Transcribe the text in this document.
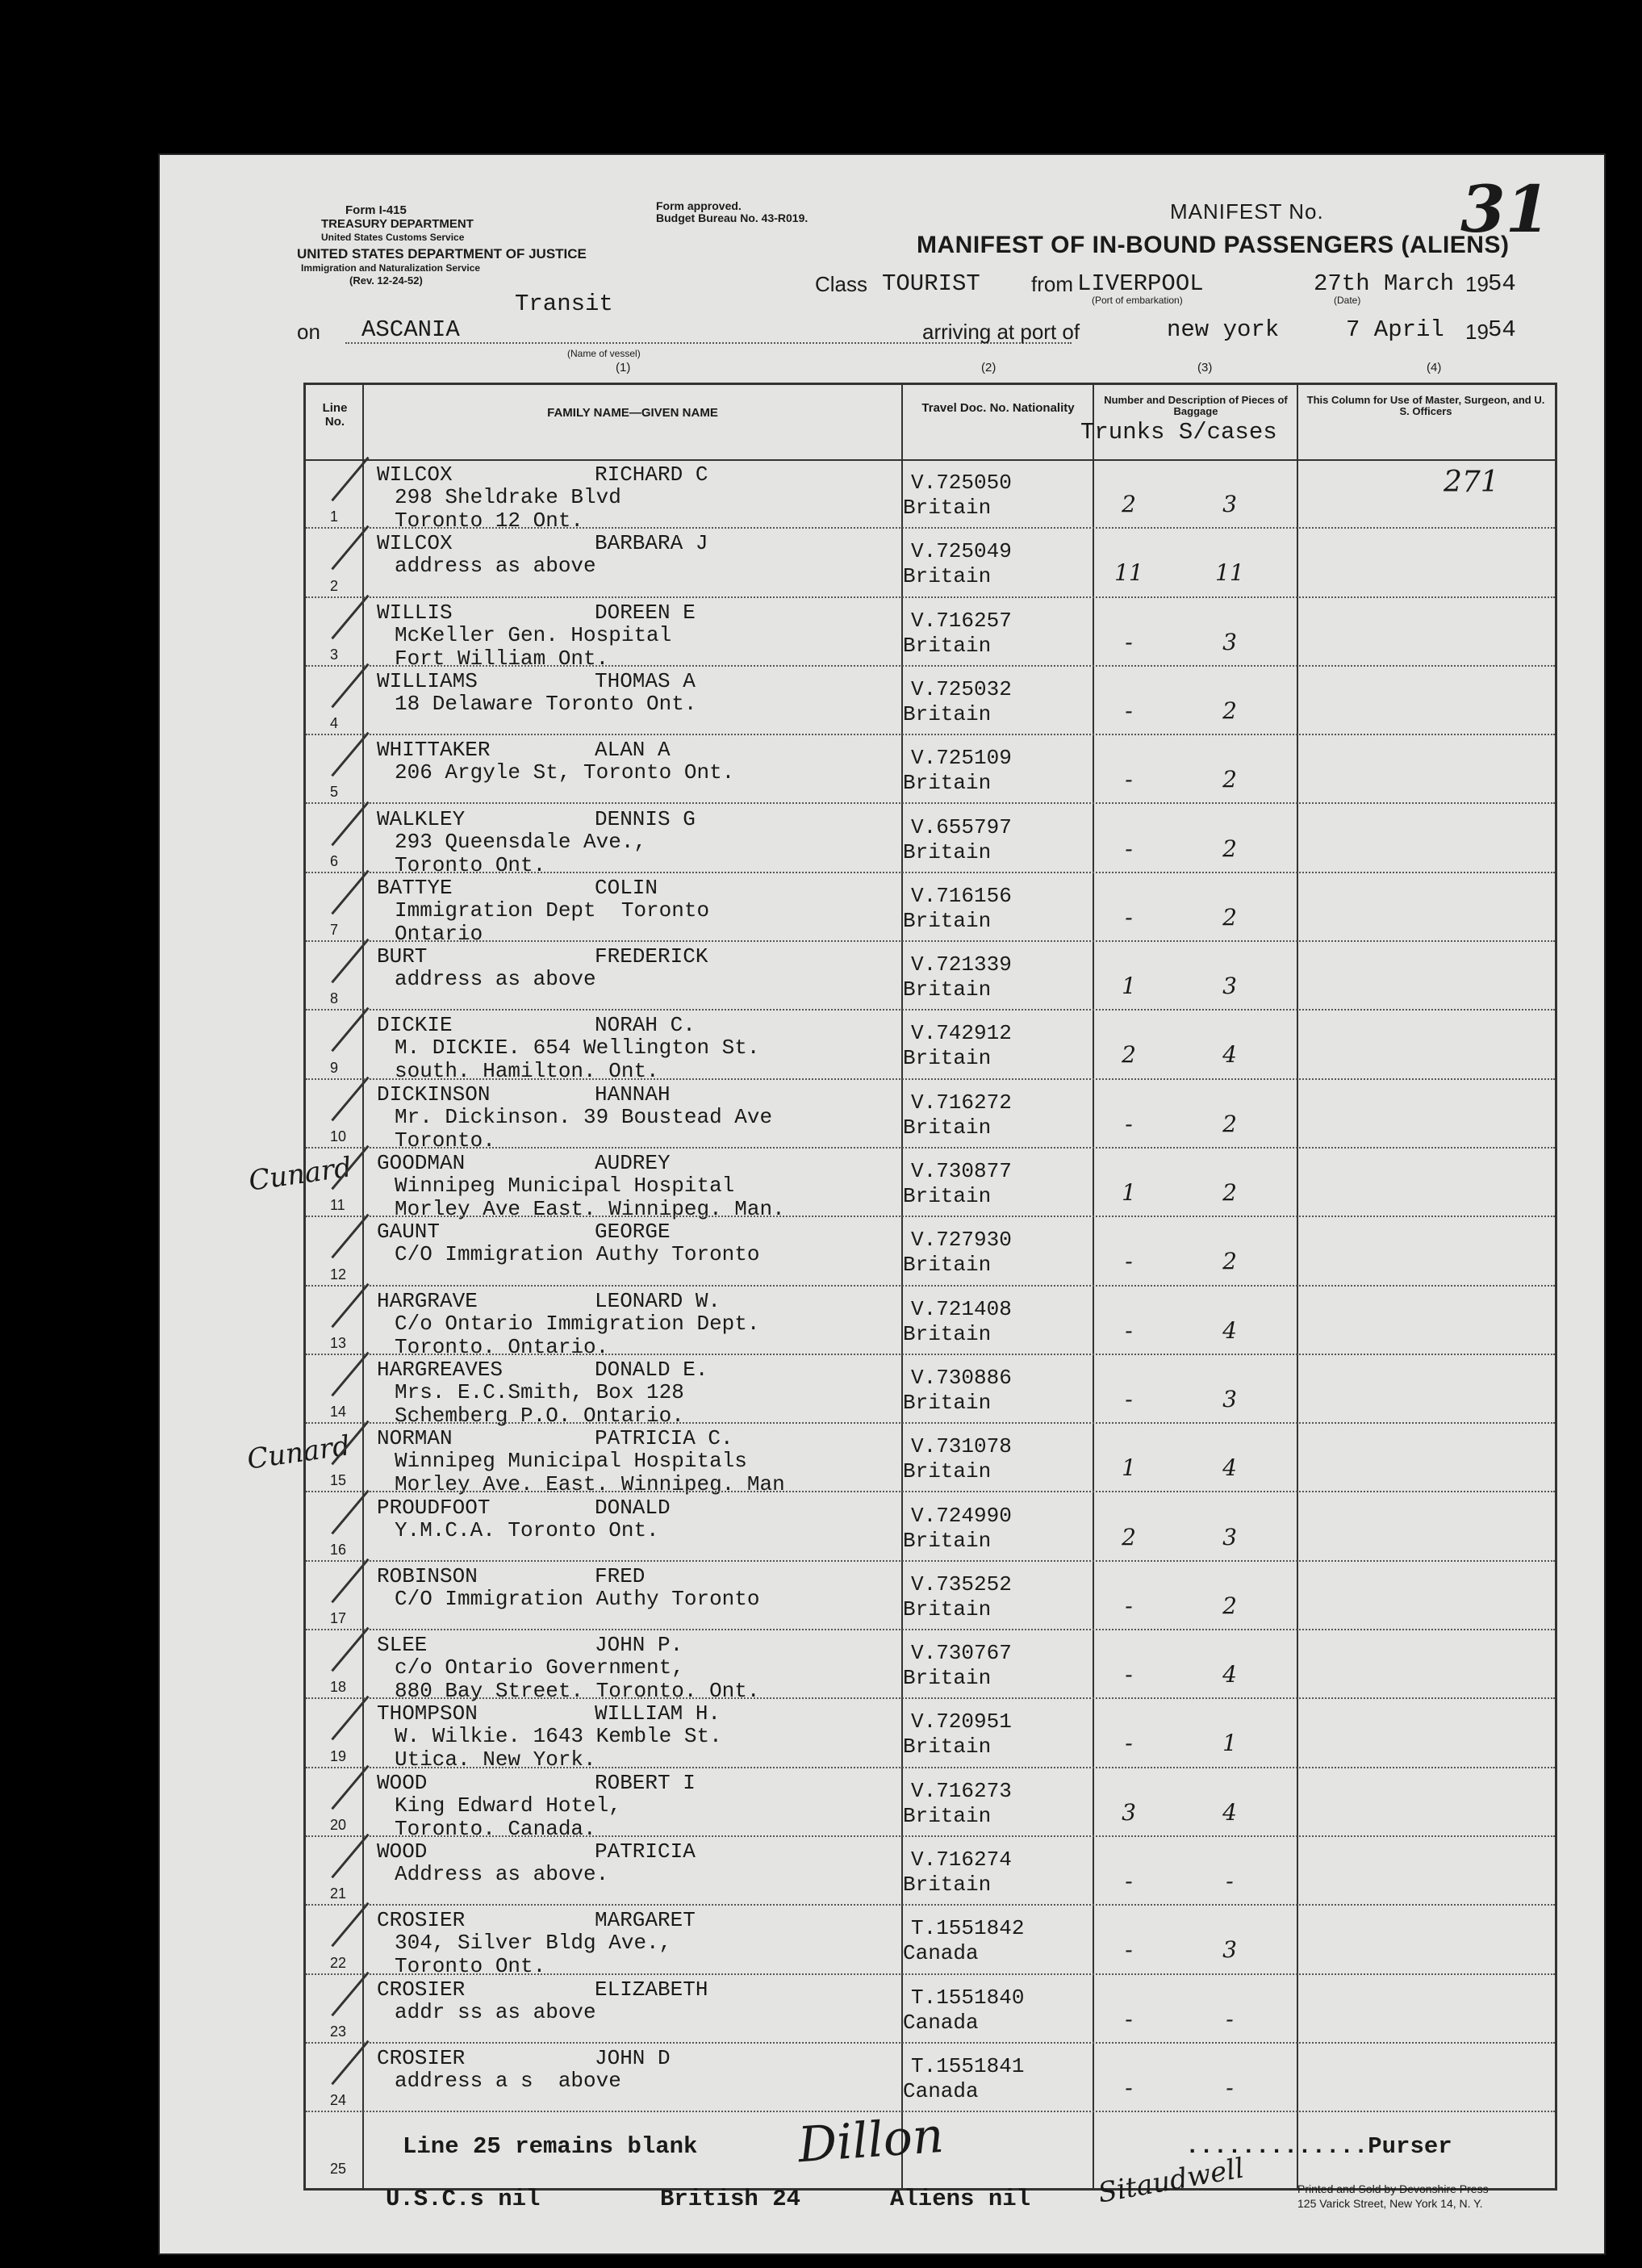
Form I-415
TREASURY DEPARTMENT
United States Customs Service
UNITED STATES DEPARTMENT OF JUSTICE
Immigration and Naturalization Service
(Rev. 12-24-52)
Form approved.
Budget Bureau No. 43-R019.	MANIFEST No. 31
MANIFEST OF IN-BOUND PASSENGERS (ALIENS)
Class TOURIST from LIVERPOOL
(Port of embarkation)
27th March
(Date)
19 54
Transit
on ASCANIA
(Name of vessel)
arriving at port of	new york	7 April 19 54
(1)	(2)	(3)	(4)
Cunard
Cunard
Line No.
FAMILY NAME—GIVEN NAME	Travel Doc. No. Nationality
Number and Description of Pieces of Baggage
Trunks S/cases
This Column for Use of Master, Surgeon, and U. S. Officers
271
1
WILCOX	RICHARD C
298 Sheldrake Blvd
Toronto 12 Ont.
V.725050
Britain	2	3
2
WILCOX	BARBARA J
address as above
V.725049
Britain	11	11
3
WILLIS	DOREEN E
McKeller Gen. Hospital
Fort William Ont.
V.716257
Britain	-	3
4
WILLIAMS	THOMAS A
18 Delaware Toronto Ont.
V.725032
Britain	-	2
5
WHITTAKER	ALAN A
206 Argyle St, Toronto Ont.
V.725109
Britain	-	2
6
WALKLEY	DENNIS G
293 Queensdale Ave.,
Toronto Ont.
V.655797
Britain	-	2
7
BATTYE	COLIN
Immigration Dept  Toronto
Ontario
V.716156
Britain	-	2
8
BURT	FREDERICK
address as above
V.721339
Britain	1	3
9
DICKIE	NORAH C.
M. DICKIE. 654 Wellington St.
south. Hamilton. Ont.
V.742912
Britain	2	4
10
DICKINSON	HANNAH
Mr. Dickinson. 39 Boustead Ave
Toronto.
V.716272
Britain	-	2
11
GOODMAN	AUDREY
Winnipeg Municipal Hospital
Morley Ave East. Winnipeg. Man.
V.730877
Britain	1	2
12
GAUNT	GEORGE
C/O Immigration Authy Toronto
V.727930
Britain	-	2
13
HARGRAVE	LEONARD W.
C/o Ontario Immigration Dept.
Toronto. Ontario.
V.721408
Britain	-	4
14
HARGREAVES	DONALD E.
Mrs. E.C.Smith, Box 128
Schemberg P.O. Ontario.
V.730886
Britain	-	3
15
NORMAN	PATRICIA C.
Winnipeg Municipal Hospitals
Morley Ave. East. Winnipeg. Man
V.731078
Britain	1	4
16
PROUDFOOT	DONALD
Y.M.C.A. Toronto Ont.
V.724990
Britain	2	3
17
ROBINSON	FRED
C/O Immigration Authy Toronto
V.735252
Britain	-	2
18
SLEE	JOHN P.
c/o Ontario Government,
880 Bay Street. Toronto. Ont.
V.730767
Britain	-	4
19
THOMPSON	WILLIAM H.
W. Wilkie. 1643 Kemble St.
Utica. New York.
V.720951
Britain	-	1
20
WOOD	ROBERT I
King Edward Hotel,
Toronto. Canada.
V.716273
Britain	3	4
21
WOOD	PATRICIA
Address as above.
V.716274
Britain	-	-
22
CROSIER	MARGARET
304, Silver Bldg Ave.,
Toronto Ont.
T.1551842
Canada	-	3
23
CROSIER	ELIZABETH
addr ss as above
T.1551840
Canada	-	-
24
CROSIER	JOHN D
address a s  above
T.1551841
Canada	-	-
25
Line 25 remains blank	.............Purser
Dillon
U.S.C.s nil	British 24	Aliens nil Sitaudwell	Printed and Sold by Devonshire Press
125 Varick Street, New York 14, N. Y.
